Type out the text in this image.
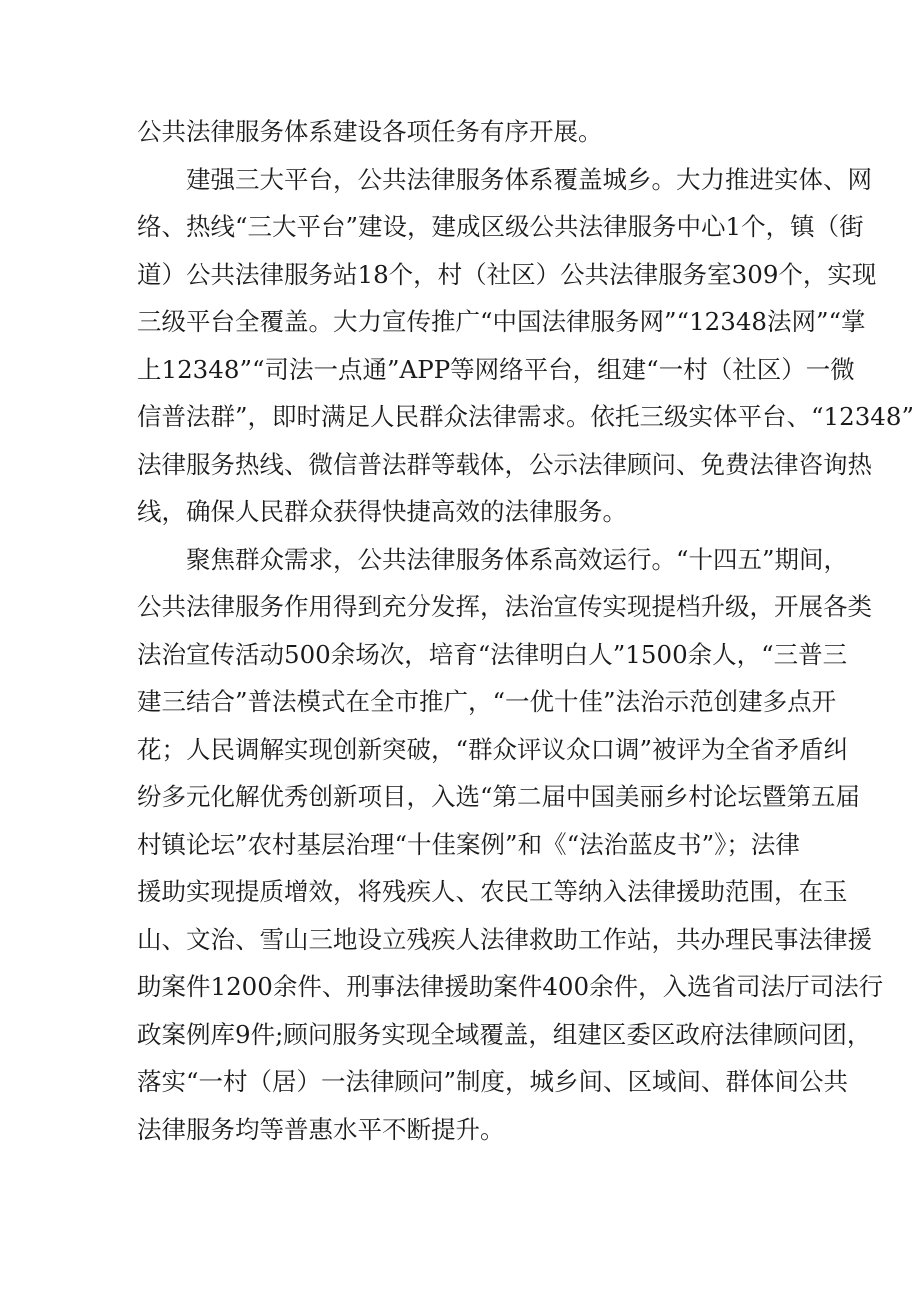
公共法律服务体系建设各项任务有序开展。
建强三大平台，公共法律服务体系覆盖城乡。大力推进实体、网
络、热线“三大平台”建设，建成区级公共法律服务中心1个，镇（街
道）公共法律服务站18个，村（社区）公共法律服务室309个，实现
三级平台全覆盖。大力宣传推广“中国法律服务网”“12348法网”“掌
上12348”“司法一点通”APP等网络平台，组建“一村（社区）一微
信普法群”，即时满足人民群众法律需求。依托三级实体平台、“12348”
法律服务热线、微信普法群等载体，公示法律顾问、免费法律咨询热
线，确保人民群众获得快捷高效的法律服务。
聚焦群众需求，公共法律服务体系高效运行。“十四五”期间，
公共法律服务作用得到充分发挥，法治宣传实现提档升级，开展各类
法治宣传活动500余场次，培育“法律明白人”1500余人，“三普三
建三结合”普法模式在全市推广，“一优十佳”法治示范创建多点开
花；人民调解实现创新突破，“群众评议众口调”被评为全省矛盾纠
纷多元化解优秀创新项目，入选“第二届中国美丽乡村论坛暨第五届
村镇论坛”农村基层治理“十佳案例”和《“法治蓝皮书”》；法律
援助实现提质增效，将残疾人、农民工等纳入法律援助范围，在玉
山、文治、雪山三地设立残疾人法律救助工作站，共办理民事法律援
助案件1200余件、刑事法律援助案件400余件，入选省司法厅司法行
政案例库9件;顾问服务实现全域覆盖，组建区委区政府法律顾问团，
落实“一村（居）一法律顾问”制度，城乡间、区域间、群体间公共
法律服务均等普惠水平不断提升。
